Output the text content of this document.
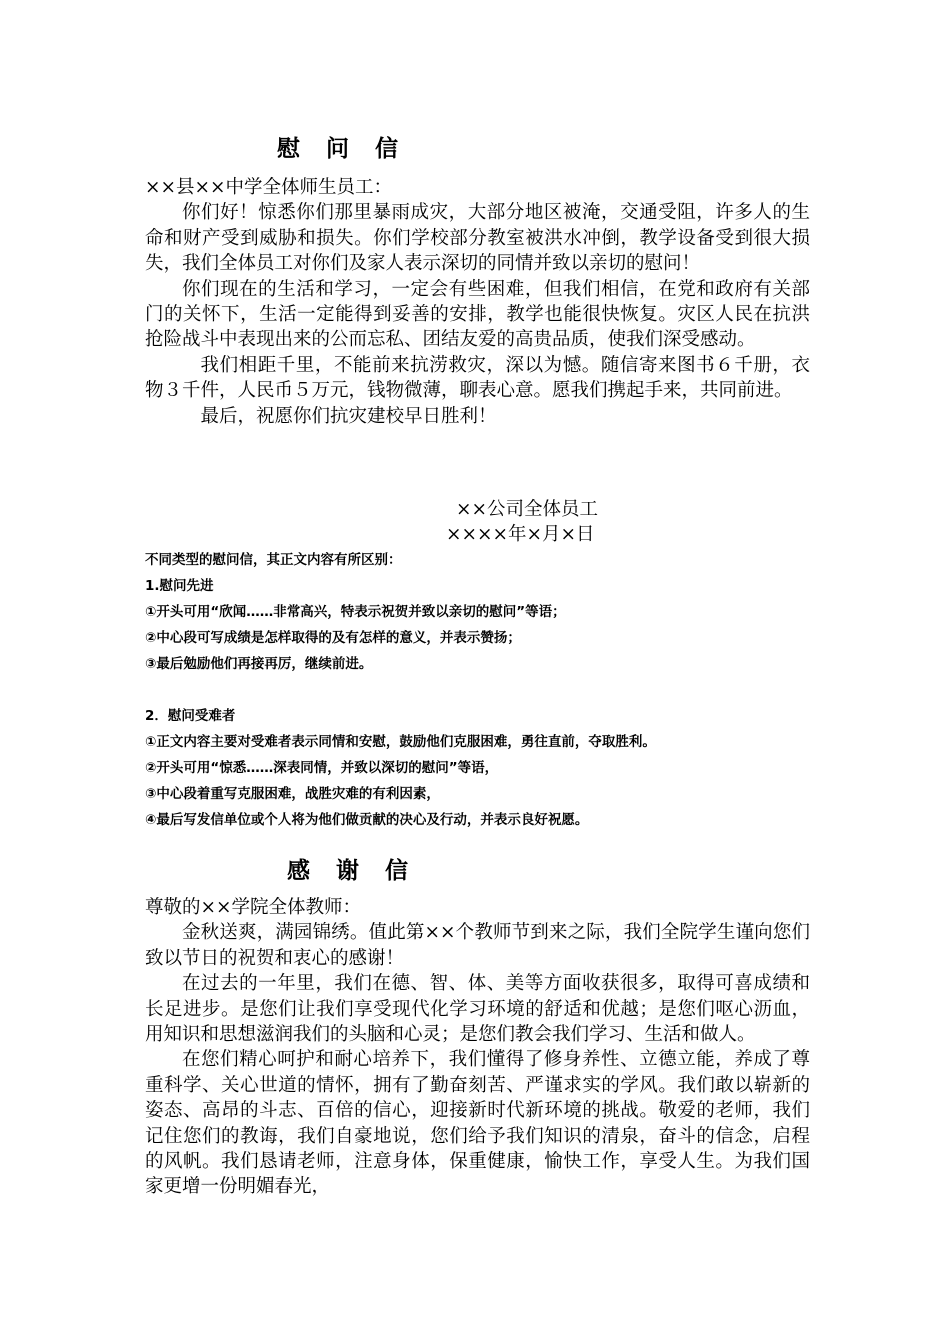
慰 问 信

××县××中学全体师生员工：

你们好！惊悉你们那里暴雨成灾，大部分地区被淹，交通受阻，许多人的生命和财产受到威胁和损失。你们学校部分教室被洪水冲倒，教学设备受到很大损失，我们全体员工对你们及家人表示深切的同情并致以亲切的慰问！

你们现在的生活和学习，一定会有些困难，但我们相信，在党和政府有关部门的关怀下，生活一定能得到妥善的安排，教学也能很快恢复。灾区人民在抗洪抢险战斗中表现出来的公而忘私、团结友爱的高贵品质，使我们深受感动。

我们相距千里，不能前来抗涝救灾，深以为憾。随信寄来图书６千册，衣物３千件，人民币５万元，钱物微薄，聊表心意。愿我们携起手来，共同前进。

最后，祝愿你们抗灾建校早日胜利！

××公司全体员工
××××年×月×日
不同类型的慰问信，其正文内容有所区别：
1.慰问先进
①开头可用“欣闻……非常高兴，特表示祝贺并致以亲切的慰问”等语；
②中心段可写成绩是怎样取得的及有怎样的意义，并表示赞扬；
③最后勉励他们再接再厉，继续前进。
2．慰问受难者
①正文内容主要对受难者表示同情和安慰，鼓励他们克服困难，勇往直前，夺取胜利。
②开头可用“惊悉……深表同情，并致以深切的慰问”等语，
③中心段着重写克服困难，战胜灾难的有利因素，
④最后写发信单位或个人将为他们做贡献的决心及行动，并表示良好祝愿。
感 谢 信

尊敬的××学院全体教师：

金秋送爽，满园锦绣。值此第××个教师节到来之际，我们全院学生谨向您们致以节日的祝贺和衷心的感谢！

在过去的一年里，我们在德、智、体、美等方面收获很多，取得可喜成绩和长足进步。是您们让我们享受现代化学习环境的舒适和优越；是您们呕心沥血，用知识和思想滋润我们的头脑和心灵；是您们教会我们学习、生活和做人。

在您们精心呵护和耐心培养下，我们懂得了修身养性、立德立能，养成了尊重科学、关心世道的情怀，拥有了勤奋刻苦、严谨求实的学风。我们敢以崭新的姿态、高昂的斗志、百倍的信心，迎接新时代新环境的挑战。敬爱的老师，我们记住您们的教诲，我们自豪地说，您们给予我们知识的清泉，奋斗的信念，启程的风帆。我们恳请老师，注意身体，保重健康，愉快工作，享受人生。为我们国家更增一份明媚春光，
